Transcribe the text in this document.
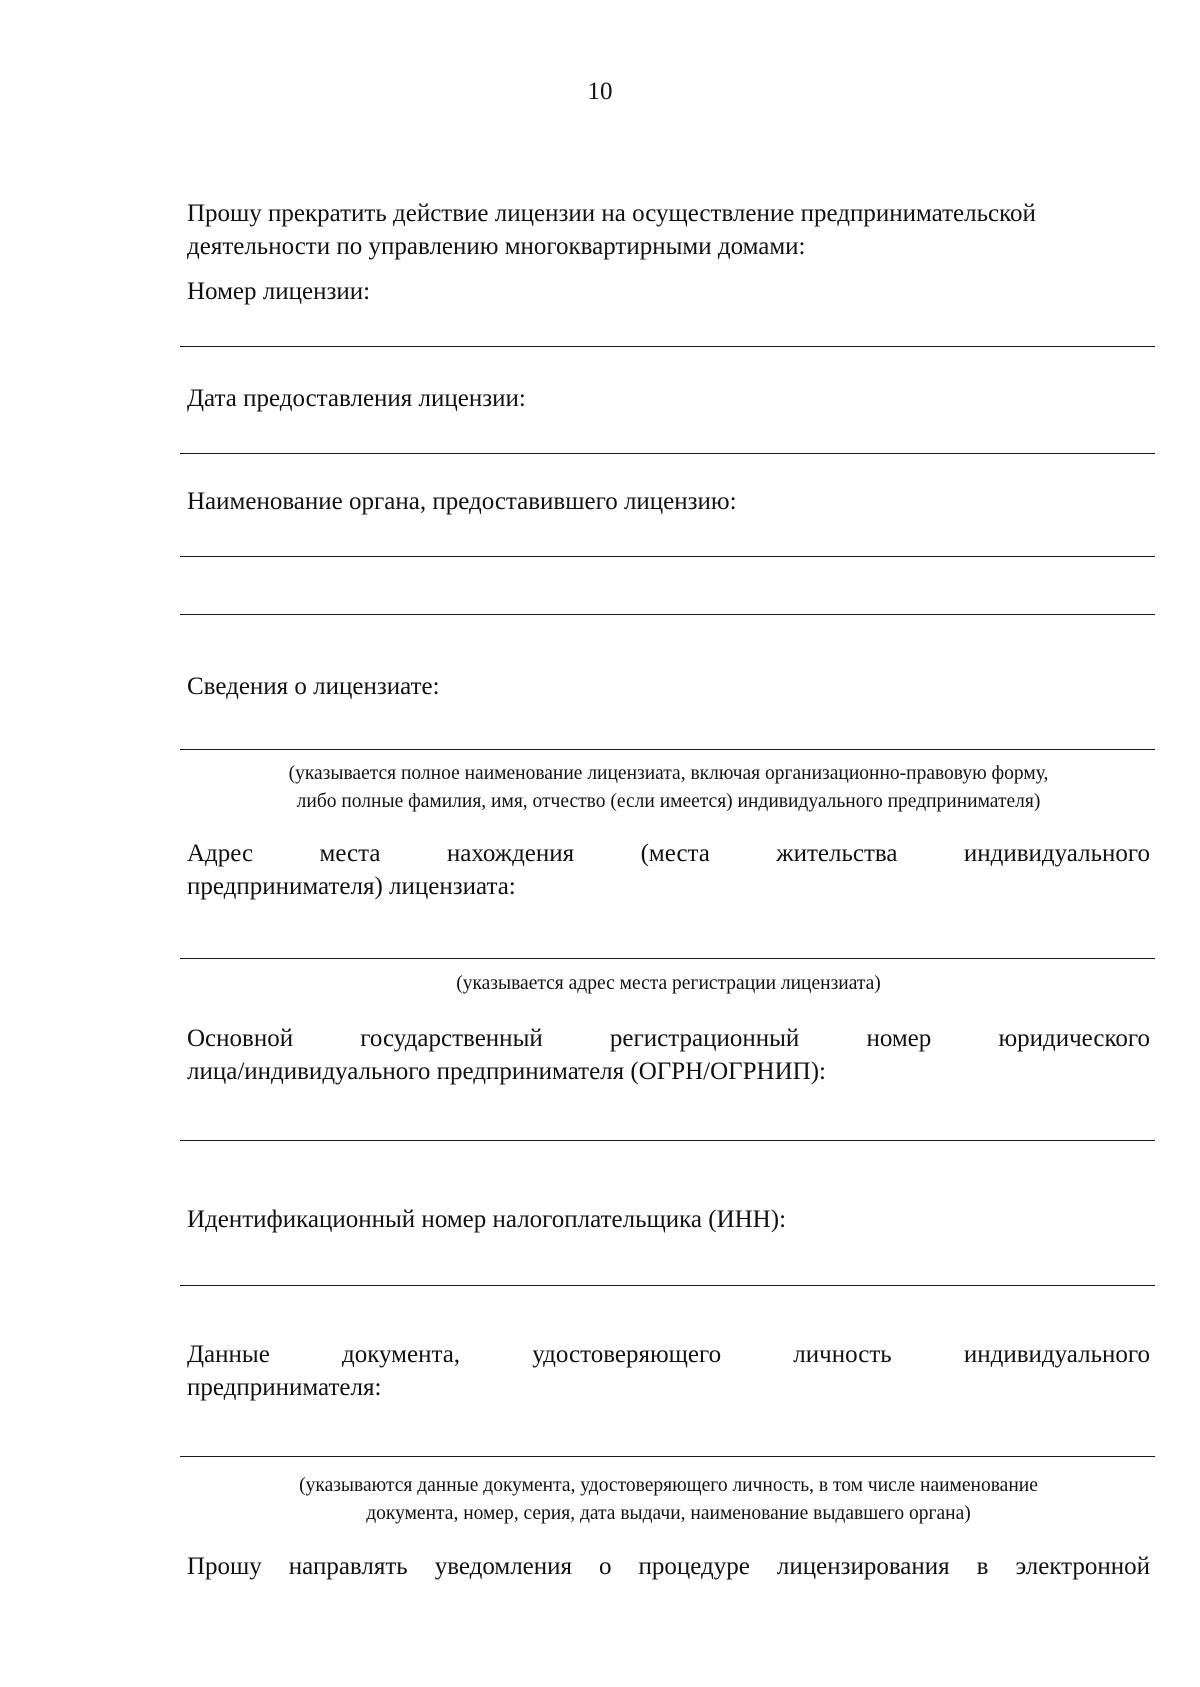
10

Прошу прекратить действие лицензии на осуществление предпринимательской деятельности по управлению многоквартирными домами:

Номер лицензии:

Дата предоставления лицензии:

Наименование органа, предоставившего лицензию:

Сведения о лицензиате:

(указывается полное наименование лицензиата, включая организационно-правовую форму,

либо полные фамилия, имя, отчество (если имеется) индивидуального предпринимателя)

Адрес места нахождения (места жительства индивидуального

предпринимателя) лицензиата:

(указывается адрес места регистрации лицензиата)

Основной государственный регистрационный номер юридического

лица/индивидуального предпринимателя (ОГРН/ОГРНИП):

Идентификационный номер налогоплательщика (ИНН):

Данные документа, удостоверяющего личность индивидуального

предпринимателя:

(указываются данные документа, удостоверяющего личность, в том числе наименование

документа, номер, серия, дата выдачи, наименование выдавшего органа)

Прошу направлять уведомления о процедуре лицензирования в электронной
